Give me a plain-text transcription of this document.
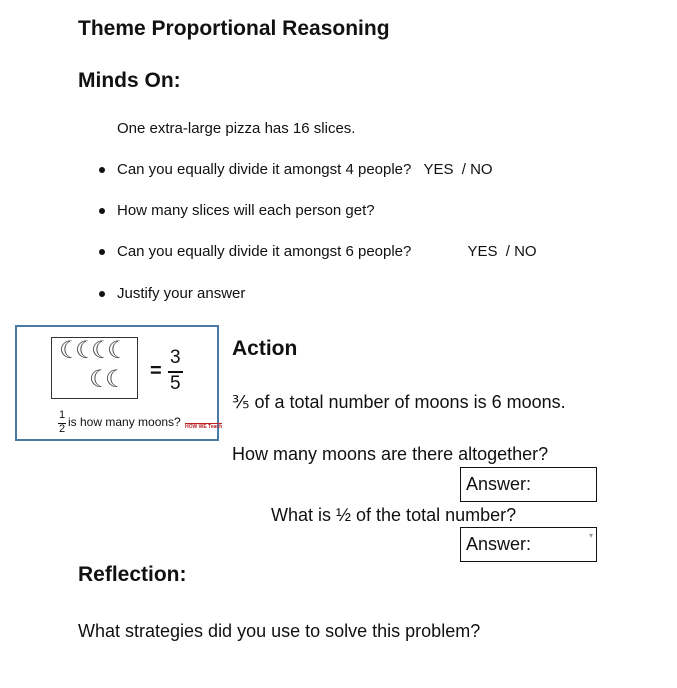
Theme Proportional Reasoning
Minds On:
One extra-large pizza has 16 slices.
Can you equally divide it amongst 4 people? YES / NO
How many slices will each person get?
Can you equally divide it amongst 6 people?	YES / NO
Justify your answer
☾
☾
☾
☾
☾
☾ =
3
5
1
2 is how many moons? HOW WE Teach
Action
⅗ of a total number of moons is 6 moons.
How many moons are there altogether?
Answer:
What is ½ of the total number?
Answer:	▾
Reflection:
What strategies did you use to solve this problem?
